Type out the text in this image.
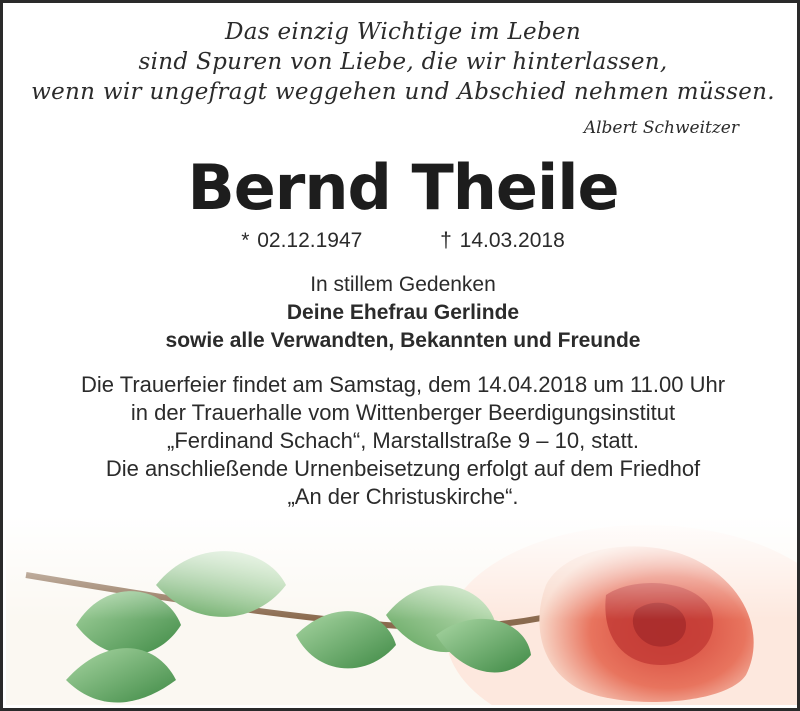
Das einzig Wichtige im Leben
sind Spuren von Liebe, die wir hinterlassen,
wenn wir ungefragt weggehen und Abschied nehmen müssen.
Albert Schweitzer
Bernd Theile
* 02.12.1947	† 14.03.2018
In stillem Gedenken
Deine Ehefrau Gerlinde
sowie alle Verwandten, Bekannten und Freunde
Die Trauerfeier findet am Samstag, dem 14.04.2018 um 11.00 Uhr
in der Trauerhalle vom Wittenberger Beerdigungsinstitut
„Ferdinand Schach“, Marstallstraße 9 – 10, statt.
Die anschließende Urnenbeisetzung erfolgt auf dem Friedhof
„An der Christuskirche“.
